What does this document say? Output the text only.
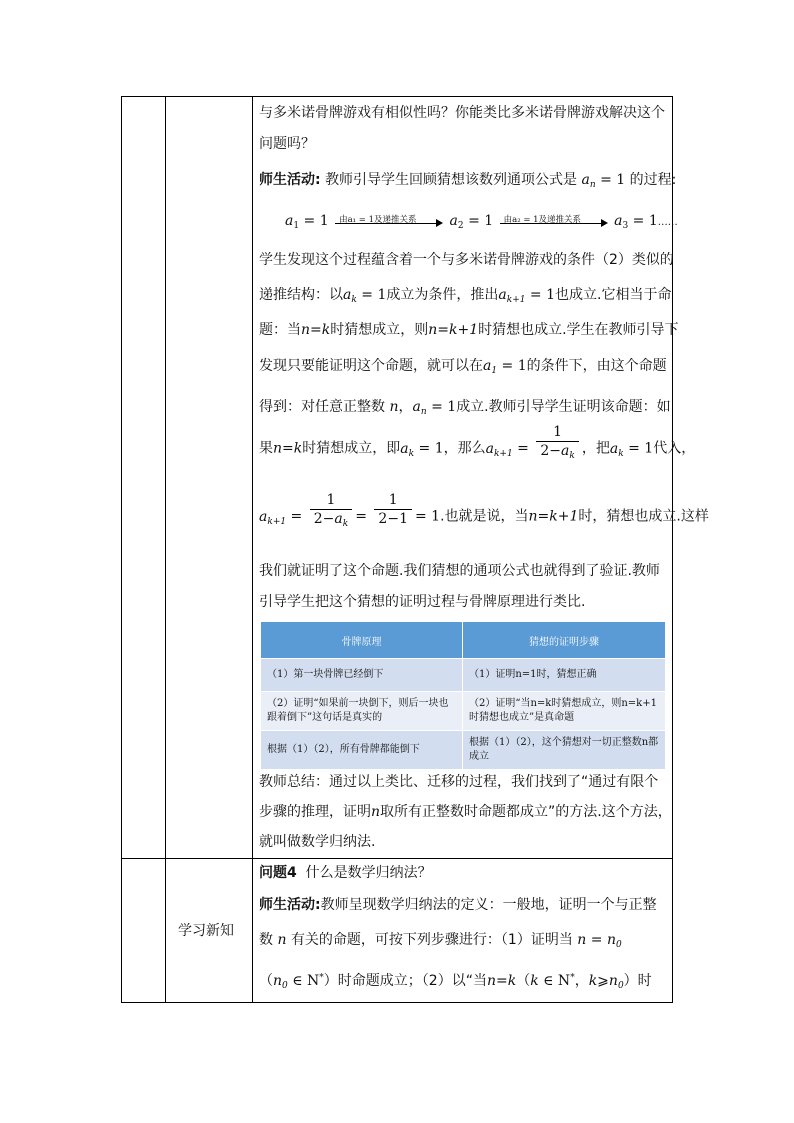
学习新知
与多米诺骨牌游戏有相似性吗？你能类比多米诺骨牌游戏解决这个
问题吗？
师生活动: 教师引导学生回顾猜想该数列通项公式是 $a_n = 1$ 的过程:
$a_1 = 1$ 由a₁ = 1及递推关系 $a_2 = 1$ 由a₂ = 1及递推关系 $a_3$ = 1……
学生发现这个过程蕴含着一个与多米诺骨牌游戏的条件（2）类似的
递推结构：以$a_k = 1$成立为条件，推出$a_{k+1} = 1$也成立.它相当于命
题：当n=k时猜想成立，则n=k+1时猜想也成立.学生在教师引导下
发现只要能证明这个命题，就可以在$a_1 = 1$的条件下，由这个命题
得到：对任意正整数 n，$a_n = 1$成立.教师引导学生证明该命题：如
果n=k时猜想成立，即$a_k = 1$，那么$a_{k+1} = \frac{1}{2-a_k}$ ，把$a_k = 1$代入，
$a_{k+1} = \frac{1}{2-a_k} = \frac{1}{2-1} = 1$.也就是说，当n=k+1时，猜想也成立.这样
我们就证明了这个命题.我们猜想的通项公式也就得到了验证.教师
引导学生把这个猜想的证明过程与骨牌原理进行类比.
教师总结：通过以上类比、迁移的过程，我们找到了“通过有限个
步骤的推理，证明n取所有正整数时命题都成立”的方法.这个方法，
就叫做数学归纳法.
问题4 什么是数学归纳法？
师生活动:教师呈现数学归纳法的定义：一般地，证明一个与正整
数 n 有关的命题，可按下列步骤进行：（1）证明当 $n = n_0$
（$n_0$ ∈ N*）时命题成立；（2）以“当n=k（k ∈ N*，$k⩾n_0$）时
骨牌原理	猜想的证明步骤
（1）第一块骨牌已经倒下	（1）证明n=1时，猜想正确
（2）证明“如果前一块倒下，则后一块也跟着倒下”这句话是真实的	（2）证明“当n=k时猜想成立，则n=k+1时猜想也成立”是真命题
根据（1）（2），所有骨牌都能倒下	根据（1）（2），这个猜想对一切正整数n都成立
